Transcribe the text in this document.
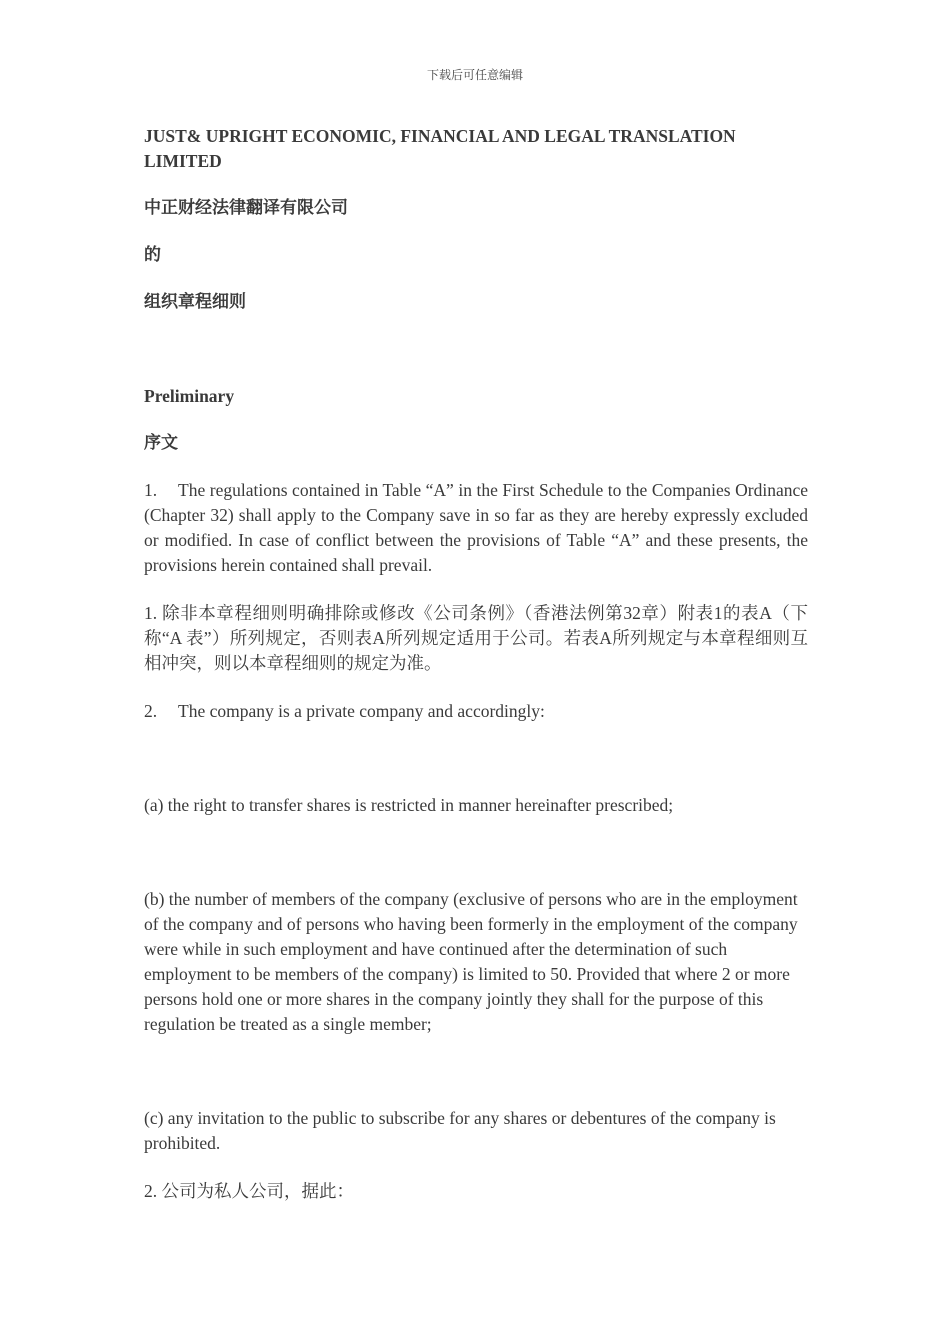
下载后可任意编辑

JUST& UPRIGHT ECONOMIC, FINANCIAL AND LEGAL TRANSLATION LIMITED

中正财经法律翻译有限公司

的

组织章程细则

Preliminary

序文

1. The regulations contained in Table “A” in the First Schedule to the Companies Ordinance (Chapter 32) shall apply to the Company save in so far as they are hereby expressly excluded or modified. In case of conflict between the provisions of Table “A” and these presents, the provisions herein contained shall prevail.

1. 除非本章程细则明确排除或修改《公司条例》（香港法例第32章）附表1的表A（下称“A 表”）所列规定，否则表A所列规定适用于公司。若表A所列规定与本章程细则互相冲突，则以本章程细则的规定为准。

2. The company is a private company and accordingly:

(a) the right to transfer shares is restricted in manner hereinafter prescribed;

(b) the number of members of the company (exclusive of persons who are in the employment of the company and of persons who having been formerly in the employment of the company were while in such employment and have continued after the determination of such employment to be members of the company) is limited to 50. Provided that where 2 or more persons hold one or more shares in the company jointly they shall for the purpose of this regulation be treated as a single member;

(c) any invitation to the public to subscribe for any shares or debentures of the company is prohibited.

2. 公司为私人公司，据此：
